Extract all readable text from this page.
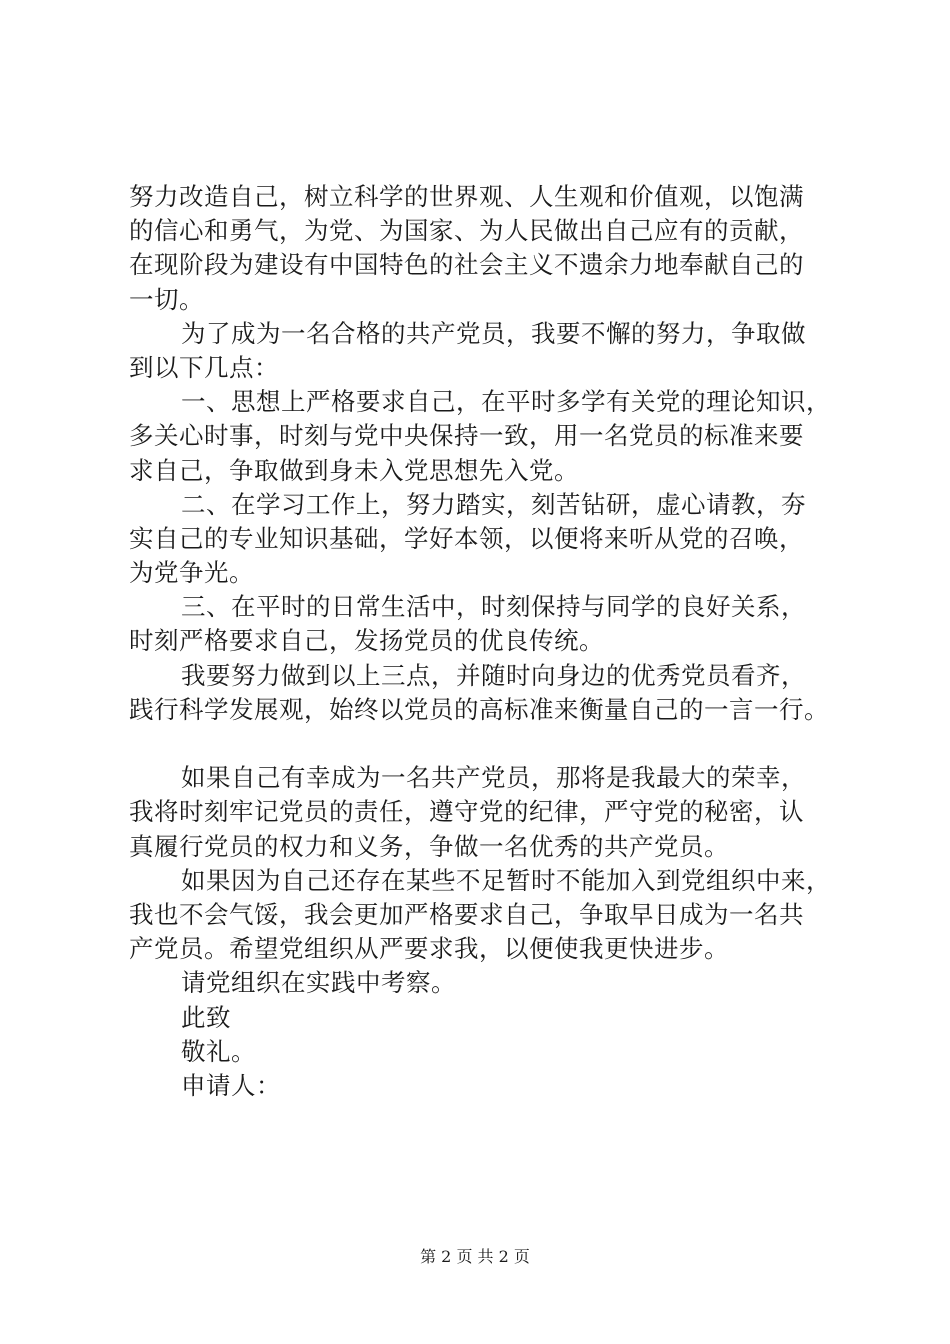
努力改造自己，树立科学的世界观、人生观和价值观，以饱满
的信心和勇气，为党、为国家、为人民做出自己应有的贡献，
在现阶段为建设有中国特色的社会主义不遗余力地奉献自己的
一切。
为了成为一名合格的共产党员，我要不懈的努力，争取做
到以下几点：
一、思想上严格要求自己，在平时多学有关党的理论知识，
多关心时事，时刻与党中央保持一致，用一名党员的标准来要
求自己，争取做到身未入党思想先入党。
二、在学习工作上，努力踏实，刻苦钻研，虚心请教，夯
实自己的专业知识基础，学好本领，以便将来听从党的召唤，
为党争光。
三、在平时的日常生活中，时刻保持与同学的良好关系，
时刻严格要求自己，发扬党员的优良传统。
我要努力做到以上三点，并随时向身边的优秀党员看齐，
践行科学发展观，始终以党员的高标准来衡量自己的一言一行。
如果自己有幸成为一名共产党员，那将是我最大的荣幸，
我将时刻牢记党员的责任，遵守党的纪律，严守党的秘密，认
真履行党员的权力和义务，争做一名优秀的共产党员。
如果因为自己还存在某些不足暂时不能加入到党组织中来，
我也不会气馁，我会更加严格要求自己，争取早日成为一名共
产党员。希望党组织从严要求我，以便使我更快进步。
请党组织在实践中考察。
此致
敬礼。
申请人：
第 2 页 共 2 页
